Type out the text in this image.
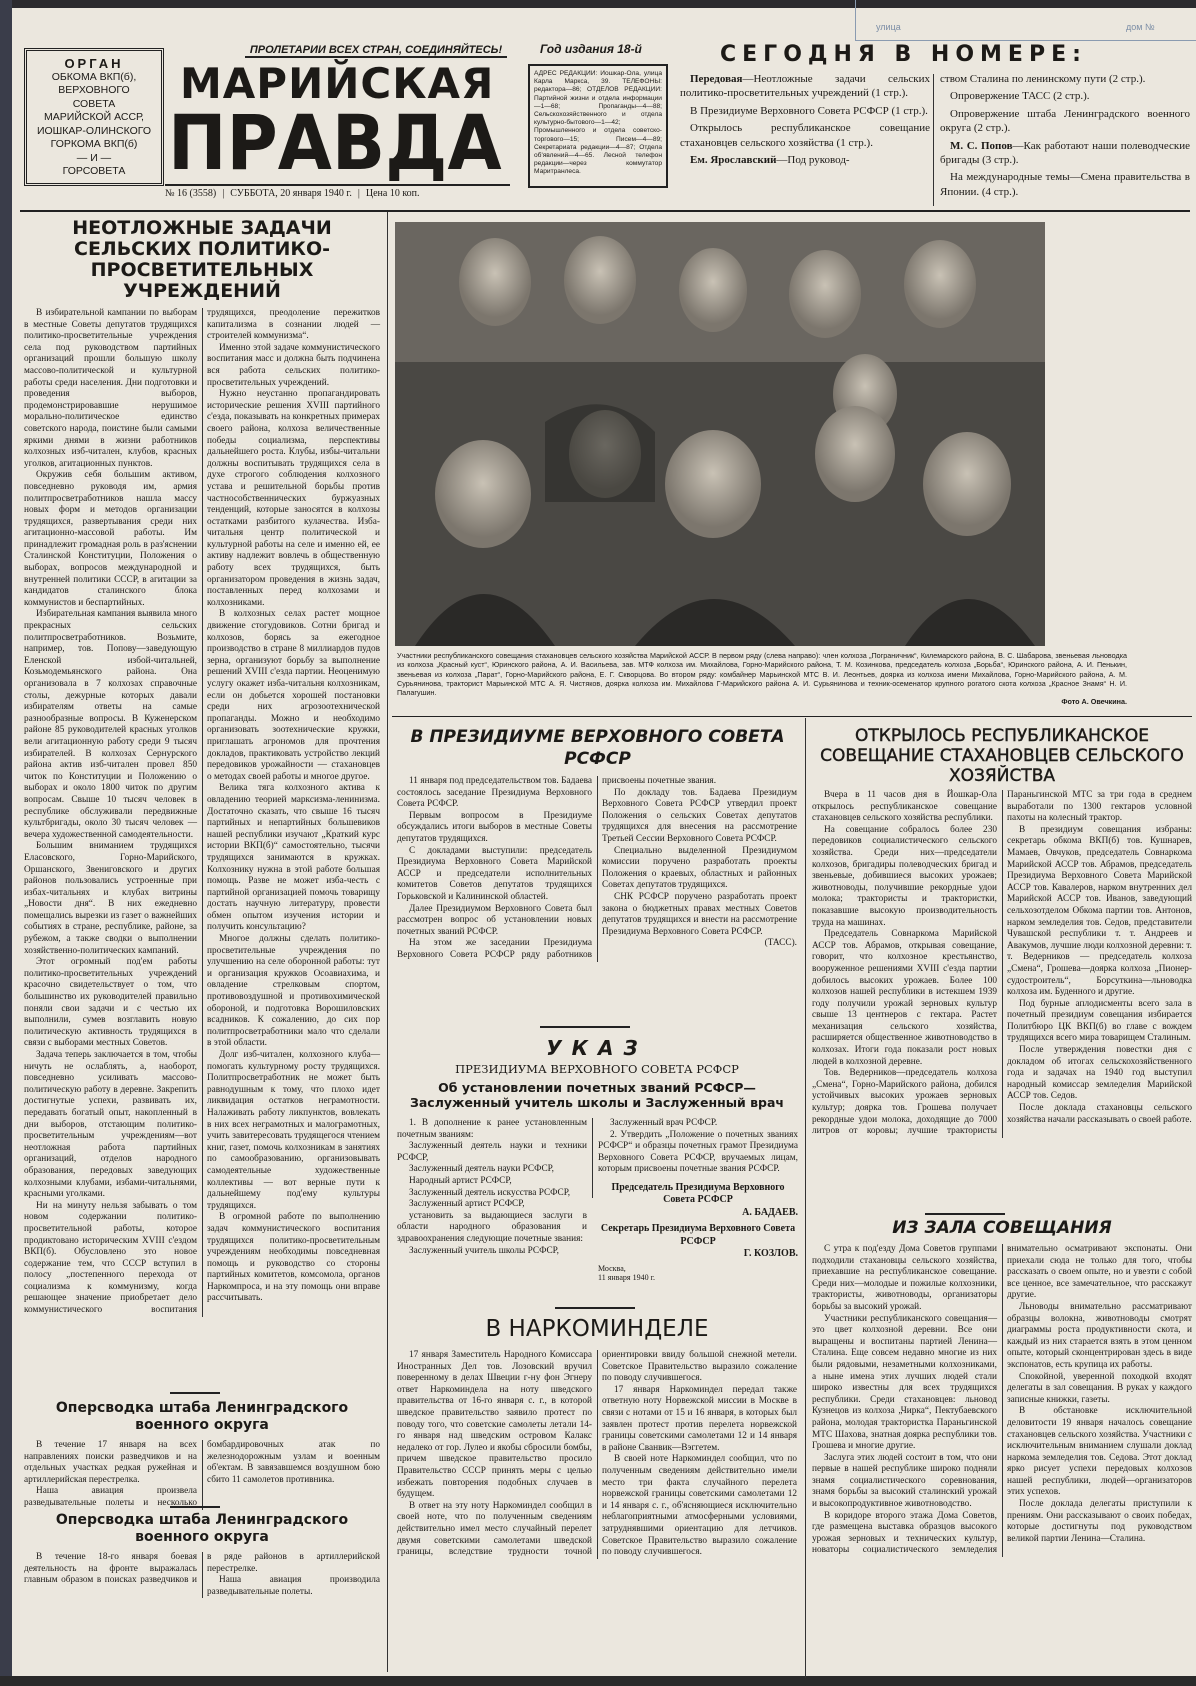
улица	дом №
ОРГАН
ОБКОМА ВКП(б),
ВЕРХОВНОГО
СОВЕТА
МАРИЙСКОЙ АССР,
ИОШКАР-ОЛИНСКОГО
ГОРКОМА ВКП(б)
— И —
ГОРСОВЕТА
ПРОЛЕТАРИИ ВСЕХ СТРАН, СОЕДИНЯЙТЕСЬ!
МАРИЙСКАЯ
ПРАВДА
№ 16 (3558) | СУББОТА, 20 января 1940 г. | Цена 10 коп.
Год издания 18-й
АДРЕС РЕДАКЦИИ: Иошкар-Ола, улица Карла Маркса, 39. ТЕЛЕФОНЫ: редактора—86; ОТДЕЛОВ РЕДАКЦИИ: Партийной жизни и отдела информации—1—68; Пропаганды—4—88; Сельскохозяйственного и отдела культурно-бытового—1—42; Промышленного и отдела советско-торгового—15; Писем—4—89; Секретариата редакции—4—87; Отдела об'явлений—4—65. Лесной телефон редакции—через коммутатор Маритранлеса.
СЕГОДНЯ В НОМЕРЕ:

Передовая—Неотложные задачи сельских политико-просветительных учреждений (1 стр.).

В Президиуме Верховного Совета РСФСР (1 стр.).

Открылось республиканское совещание стахановцев сельского хозяйства (1 стр.).

Ем. Ярославский—Под руковод-

ством Сталина по ленинскому пути (2 стр.).

Опровержение ТАСС (2 стр.).

Опровержение штаба Ленинградского военного округа (2 стр.).

М. С. Попов—Как работают наши полеводческие бригады (3 стр.).

На международные темы—Смена правительства в Японии. (4 стр.).

НЕОТЛОЖНЫЕ ЗАДАЧИ СЕЛЬСКИХ ПОЛИТИКО-ПРОСВЕТИТЕЛЬНЫХ УЧРЕЖДЕНИЙ

В избирательной кампании по выборам в местные Советы депутатов трудящихся политико-просветительные учреждения села под руководством партийных организаций прошли большую школу массово-политической и культурной работы среди населения. Дни подготовки и проведения выборов, продемонстрировавшие нерушимое морально-политическое единство советского народа, поистине были самыми яркими днями в жизни работников колхозных изб-читален, клубов, красных уголков, агитационных пунктов.

Окружив себя большим активом, повседневно руководя им, армия политпросветработников нашла массу новых форм и методов организации трудящихся, развертывания среди них агитационно-массовой работы. Им принадлежит громадная роль в раз'яснении Сталинской Конституции, Положения о выборах, вопросов международной и внутренней политики СССР, в агитации за кандидатов сталинского блока коммунистов и беспартийных.

Избирательная кампания выявила много прекрасных сельских политпросветработников. Возьмите, например, тов. Попову—заведующую Еленской избой-читальней, Козьмодемьянского района. Она организовала в 7 колхозах справочные столы, дежурные которых давали избирателям ответы на самые разнообразные вопросы. В Куженерском районе 85 руководителей красных уголков вели агитационную работу среди 9 тысяч избирателей. В колхозах Сернурского района актив изб-читален провел 850 читок по Конституции и Положению о выборах и около 1800 читок по другим вопросам. Свыше 10 тысяч человек в республике обслуживали передвижные культбригады, около 30 тысяч человек —вечера художественной самодеятельности.

Большим вниманием трудящихся Еласовского, Горно-Марийского, Оршанского, Звениговского и других районов пользовались устроенные при избах-читальнях и клубах витрины „Новости дня“. В них ежедневно помещались вырезки из газет о важнейших событиях в стране, республике, районе, за рубежом, а также сводки о выполнении хозяйственно-политических кампаний.

Этот огромный под'ем работы политико-просветительных учреждений красочно свидетельствует о том, что большинство их руководителей правильно поняли свои задачи и с честью их выполнили, сумев возглавить новую политическую активность трудящихся в связи с выборами местных Советов.

Задача теперь заключается в том, чтобы ничуть не ослаблять, а, наоборот, повседневно усиливать массово-политическую работу в деревне. Закрепить достигнутые успехи, развивать их, передавать богатый опыт, накопленный в дни выборов, отстающим политико-просветительным учреждениям—вот неотложная работа партийных организаций, отделов народного образования, передовых заведующих колхозными клубами, избами-читальнями, красными уголками.

Ни на минуту нельзя забывать о том новом содержании политико-просветительной работы, которое продиктовано историческим XVIII с'ездом ВКП(б). Обусловлено это новое содержание тем, что СССР вступил в полосу „постепенного перехода от социализма к коммунизму, когда решающее значение приобретает дело коммунистического воспитания трудящихся, преодоление пережитков капитализма в сознании людей — строителей коммунизма“.

Именно этой задаче коммунистического воспитания масс и должна быть подчинена вся работа сельских политико-просветительных учреждений.

Нужно неустанно пропагандировать исторические решения XVIII партийного с'езда, показывать на конкретных примерах своего района, колхоза величественные победы социализма, перспективы дальнейшего роста. Клубы, избы-читальни должны воспитывать трудящихся села в духе строгого соблюдения колхозного устава и решительной борьбы против частнособственнических буржуазных тенденций, которые заносятся в колхозы остатками разбитого кулачества. Изба-читальня центр политической и культурной работы на селе и именно ей, ее активу надлежит вовлечь в общественную работу всех трудящихся, быть организатором проведения в жизнь задач, поставленных перед колхозами и колхозниками.

В колхозных селах растет мощное движение стогудовиков. Сотни бригад и колхозов, борясь за ежегодное производство в стране 8 миллиардов пудов зерна, организуют борьбу за выполнение решений XVIII с'езда партии. Неоценимую услугу окажет изба-читальня колхозникам, если он добьется хорошей постановки среди них агрозоотехнической пропаганды. Можно и необходимо организовать зоотехнические кружки, приглашать агрономов для прочтения докладов, практиковать устройство лекций передовиков урожайности — стахановцев о методах своей работы и многое другое.

Велика тяга колхозного актива к овладению теорией марксизма-ленинизма. Достаточно сказать, что свыше 16 тысяч партийных и непартийных большевиков нашей республики изучают „Краткий курс истории ВКП(б)“ самостоятельно, тысячи трудящихся занимаются в кружках. Колхознику нужна в этой работе большая помощь. Разве не может изба-честь с партийной организацией помочь товарищу достать научную литературу, провести обмен опытом изучения истории и получить консультацию?

Многое должны сделать политико-просветительные учреждения по улучшению на селе оборонной работы: тут и организация кружков Осоавиахима, и овладение стрелковым спортом, противовоздушной и противохимической обороной, и подготовка Ворошиловских всадников. К сожалению, до сих пор политпросветработники мало что сделали в этой области.

Долг изб-читален, колхозного клуба—помогать культурному росту трудящихся. Политпросветработник не может быть равнодушным к тому, что плохо идет ликвидация остатков неграмотности. Налаживать работу ликпунктов, вовлекать в них всех неграмотных и малограмотных, учить завитересовать трудящегося чтением книг, газет, помочь колхозникам в занятиях по самообразованию, организовывать самодеятельные художественные коллективы — вот верные пути к дальнейшему под'ему культуры трудящихся.

В огромной работе по выполнению задач коммунистического воспитания трудящихся политико-просветительным учреждениям необходимы повседневная помощь и руководство со стороны партийных комитетов, комсомола, органов Наркомпроса, и на эту помощь они вправе рассчитывать.

Оперсводка штаба Ленинградского военного округа

В течение 17 января на всех направлениях поиски разведчиков и на отдельных участках редкая ружейная и артиллерийская перестрелка.

Наша авиация произвела разведывательные полеты и несколько бомбардировочных атак по железнодорожным узлам и военным об'ектам. В завязавшемся воздушном бою сбито 11 самолетов противника.

Оперсводка штаба Ленинградского военного округа

В течение 18-го января боевая деятельность на фронте выражалась главным образом в поисках разведчиков и в ряде районов в артиллерийской перестрелке.

Наша авиация производила разведывательные полеты.

Участники республиканского совещания стахановцев сельского хозяйства Марийской АССР. В первом ряду (слева направо): член колхоза „Пограничник“, Килемарского района, В. С. Шабарова, звеньевая льноводка из колхоза „Красный куст“, Юринского района, А. И. Васильева, зав. МТФ колхоза им. Михайлова, Горно-Марийского района, Т. М. Козинкова, председатель колхоза „Борьба“, Юринского района, А. И. Пенькин, звеньевая из колхоза „Парат“, Горно-Марийского района, Е. Г. Скворцова. Во втором ряду: комбайнер Марьинской МТС В. И. Леонтьев, доярка из колхоза имени Михайлова, Горно-Марийского района, А. М. Сурьянинова, тракторист Марьинской МТС А. Я. Чистяков, доярка колхоза им. Михайлова Г-Марийского района А. И. Сурьянинова и техник-осеменатор крупного рогатого скота колхоза „Красное Знамя“ Н. И. Палагушин.
Фото А. Овечкина.
В ПРЕЗИДИУМЕ ВЕРХОВНОГО СОВЕТА РСФСР

11 января под председательством тов. Бадаева состоялось заседание Президиума Верховного Совета РСФСР.

Первым вопросом в Президиуме обсуждались итоги выборов в местные Советы депутатов трудящихся.

С докладами выступили: председатель Президиума Верховного Совета Марийской АССР и председатели исполнительных комитетов Советов депутатов трудящихся Горьковской и Калининской областей.

Далее Президиумом Верховного Совета был рассмотрен вопрос об установлении новых почетных званий РСФСР.

На этом же заседании Президиума Верховного Совета РСФСР ряду работников присвоены почетные звания.

По докладу тов. Бадаева Президиум Верховного Совета РСФСР утвердил проект Положения о сельских Советах депутатов трудящихся для внесения на рассмотрение Третьей Сессии Верховного Совета РСФСР.

Специально выделенной Президиумом комиссии поручено разработать проекты Положения о краевых, областных и районных Советах депутатов трудящихся.

СНК РСФСР поручено разработать проект закона о бюджетных правах местных Советов депутатов трудящихся и внести на рассмотрение Президиума Верховного Совета РСФСР.

(ТАСС).

ОТКРЫЛОСЬ РЕСПУБЛИКАНСКОЕ СОВЕЩАНИЕ СТАХАНОВЦЕВ СЕЛЬСКОГО ХОЗЯЙСТВА

Вчера в 11 часов дня в Йошкар-Ола открылось республиканское совещание стахановцев сельского хозяйства республики.

На совещание собралось более 230 передовиков социалистического сельского хозяйства. Среди них—председатели колхозов, бригадиры полеводческих бригад и звеньевые, добившиеся высоких урожаев; животноводы, получившие рекордные удои молока; трактористы и трактористки, показавшие высокую производительность труда на машинах.

Председатель Совнаркома Марийской АССР тов. Абрамов, открывая совещание, говорит, что колхозное крестьянство, вооруженное решениями XVIII с'езда партии добилось высоких урожаев. Более 100 колхозов нашей республики в истекшем 1939 году получили урожай зерновых культур свыше 13 центнеров с гектара. Растет механизация сельского хозяйства, расширяется общественное животноводство в колхозах. Итоги года показали рост новых людей в колхозной деревне.

Тов. Ведерников—председатель колхоза „Смена“, Горно-Марийского района, добился устойчивых высоких урожаев зерновых культур; доярка тов. Грошева получает рекордные удои молока, доходящие до 7000 литров от коровы; лучшие трактористы Параньгинской МТС за три года в среднем выработали по 1300 гектаров условной пахоты на колесный трактор.

В президиум совещания избраны: секретарь обкома ВКП(б) тов. Кушнарев, Мамаев, Овчуков, председатель Совнаркома Марийской АССР тов. Абрамов, председатель Президиума Верховного Совета Марийской АССР тов. Кавалеров, нарком внутренних дел Марийской АССР тов. Иванов, заведующий сельхозотделом Обкома партии тов. Антонов, нарком земледелия тов. Седов, представители Чувашской республики т. т. Андреев и Авакумов, лучшие люди колхозной деревни: т. т. Ведерников — председатель колхоза „Смена“, Грошева—доярка колхоза „Пионер-судостроитель“, Борсуткина—льноводка колхоза им. Буденного и другие.

Под бурные аплодисменты всего зала в почетный президиум совещания избирается Политбюро ЦК ВКП(б) во главе с вождем трудящихся всего мира товарищем Сталиным.

После утверждения повестки дня с докладом об итогах сельскохозяйственного года и задачах на 1940 год выступил народный комиссар земледелия Марийской АССР тов. Седов.

После доклада стахановцы сельского хозяйства начали рассказывать о своей работе.

УКАЗ
ПРЕЗИДИУМА ВЕРХОВНОГО СОВЕТА РСФСР
Об установлении почетных званий РСФСР— Заслуженный учитель школы и Заслуженный врач

1. В дополнение к ранее установленным почетным званиям:

Заслуженный деятель науки и техники РСФСР,

Заслуженный деятель науки РСФСР,

Народный артист РСФСР,

Заслуженный деятель искусства РСФСР,

Заслуженный артист РСФСР,

установить за выдающиеся заслуги в области народного образования и здравоохранения следующие почетные звания:

Заслуженный учитель школы РСФСР,

Заслуженный врач РСФСР.

2. Утвердить „Положение о почетных званиях РСФСР“ и образцы почетных грамот Президиума Верховного Совета РСФСР, вручаемых лицам, которым присвоены почетные звания РСФСР.

Председатель Президиума Верховного Совета РСФСР
А. БАДАЕВ.
Секретарь Президиума Верховного Совета РСФСР
Г. КОЗЛОВ.
Москва,
11 января 1940 г.
В НАРКОМИНДЕЛЕ

17 января Заместитель Народного Комиссара Иностранных Дел тов. Лозовский вручил поверенному в делах Швеции г-ну фон Эгнеру ответ Наркоминдела на ноту шведского правительства от 16-го января с. г., в которой шведское правительство заявило протест по поводу того, что советские самолеты летали 14-го января над шведским островом Калакс недалеко от гор. Лулео и якобы сбросили бомбы, причем шведское правительство просило Правительство СССР принять меры с целью избежать повторения подобных случаев в будущем.

В ответ на эту ноту Наркоминдел сообщил в своей ноте, что по полученным сведениям действительно имел место случайный перелет двумя советскими самолетами шведской границы, вследствие трудности точной ориентировки ввиду большой снежной метели. Советское Правительство выразило сожаление по поводу случившегося.

17 января Наркоминдел передал также ответную ноту Норвежской миссии в Москве в связи с нотами от 15 и 16 января, в которых был заявлен протест против перелета норвежской границы советскими самолетами 12 и 14 января в районе Сванвик—Вэггетем.

В своей ноте Наркоминдел сообщил, что по полученным сведениям действительно имели место три факта случайного перелета норвежской границы советскими самолетами 12 и 14 января с. г., об'ясняющиеся исключительно неблагоприятными атмосферными условиями, затруднявшими ориентацию для летчиков. Советское Правительство выразило сожаление по поводу случившегося.

ИЗ ЗАЛА СОВЕЩАНИЯ

С утра к под'езду Дома Советов группами подходили стахановцы сельского хозяйства, приехавшие на республиканское совещание. Среди них—молодые и пожилые колхозники, трактористы, животноводы, организаторы борьбы за высокий урожай.

Участники республиканского совещания—это цвет колхозной деревни. Все они выращены и воспитаны партией Ленина—Сталина. Еще совсем недавно многие из них были рядовыми, незаметными колхозниками, а ныне имена этих лучших людей стали широко известны для всех трудящихся республики. Среди стахановцев: льновод Кузнецов из колхоза „Чирка“, Пектубаевского района, молодая трактористка Параньгинской МТС Шахова, знатная доярка республики тов. Грошева и многие другие.

Заслуга этих людей состоит в том, что они первые в нашей республике широко подняли знамя социалистического соревнования, знамя борьбы за высокий сталинский урожай и высокопродуктивное животноводство.

В коридоре второго этажа Дома Советов, где размещена выставка образцов высокого урожая зерновых и технических культур, новаторы социалистического земледелия внимательно осматривают экспонаты. Они приехали сюда не только для того, чтобы рассказать о своем опыте, но и увезти с собой все ценное, все замечательное, что расскажут другие.

Льноводы внимательно рассматривают образцы волокна, животноводы смотрят диаграммы роста продуктивности скота, и каждый из них старается взять в этом ценном опыте, который сконцентрирован здесь в виде экспонатов, есть крупица их работы.

Спокойной, уверенной походкой входят делегаты в зал совещания. В руках у каждого записные книжки, газеты.

В обстановке исключительной деловитости 19 января началось совещание стахановцев сельского хозяйства. Участники с исключительным вниманием слушали доклад наркома земледелия тов. Седова. Этот доклад ярко рисует успехи передовых колхозов нашей республики, людей—организаторов этих успехов.

После доклада делегаты приступили к прениям. Они рассказывают о своих победах, которые достигнуты под руководством великой партии Ленина—Сталина.
